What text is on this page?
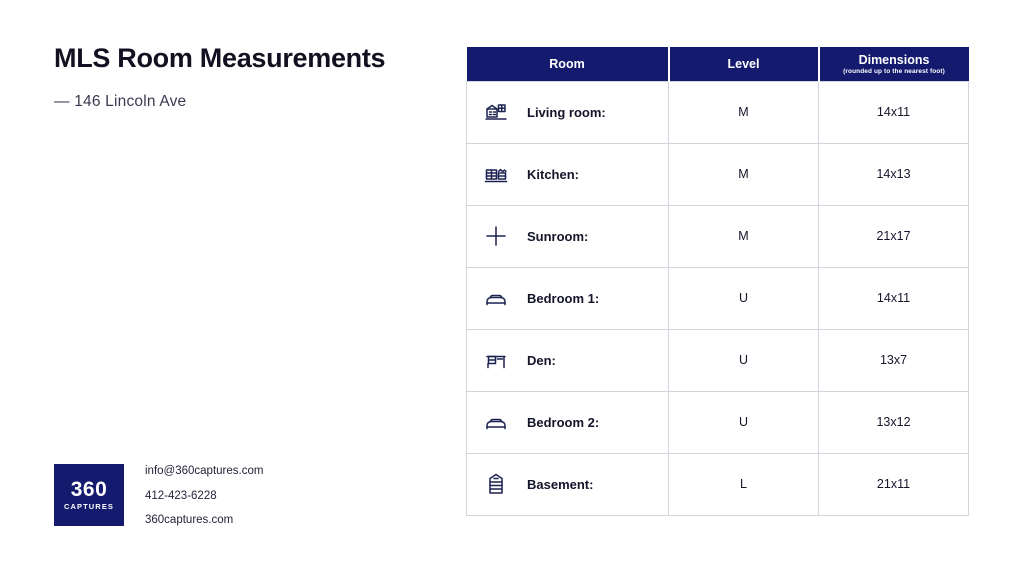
MLS Room Measurements
— 146 Lincoln Ave
360
CAPTURES
info@360captures.com
412-423-6228
360captures.com
Room	Level	Dimensions
(rounded up to the nearest foot)

Living room:	M	14x11

Kitchen:	M	14x13

Sunroom:	M	21x17

Bedroom 1:	U	14x11

Den:	U	13x7

Bedroom 2:	U	13x12

Basement:	L	21x11
